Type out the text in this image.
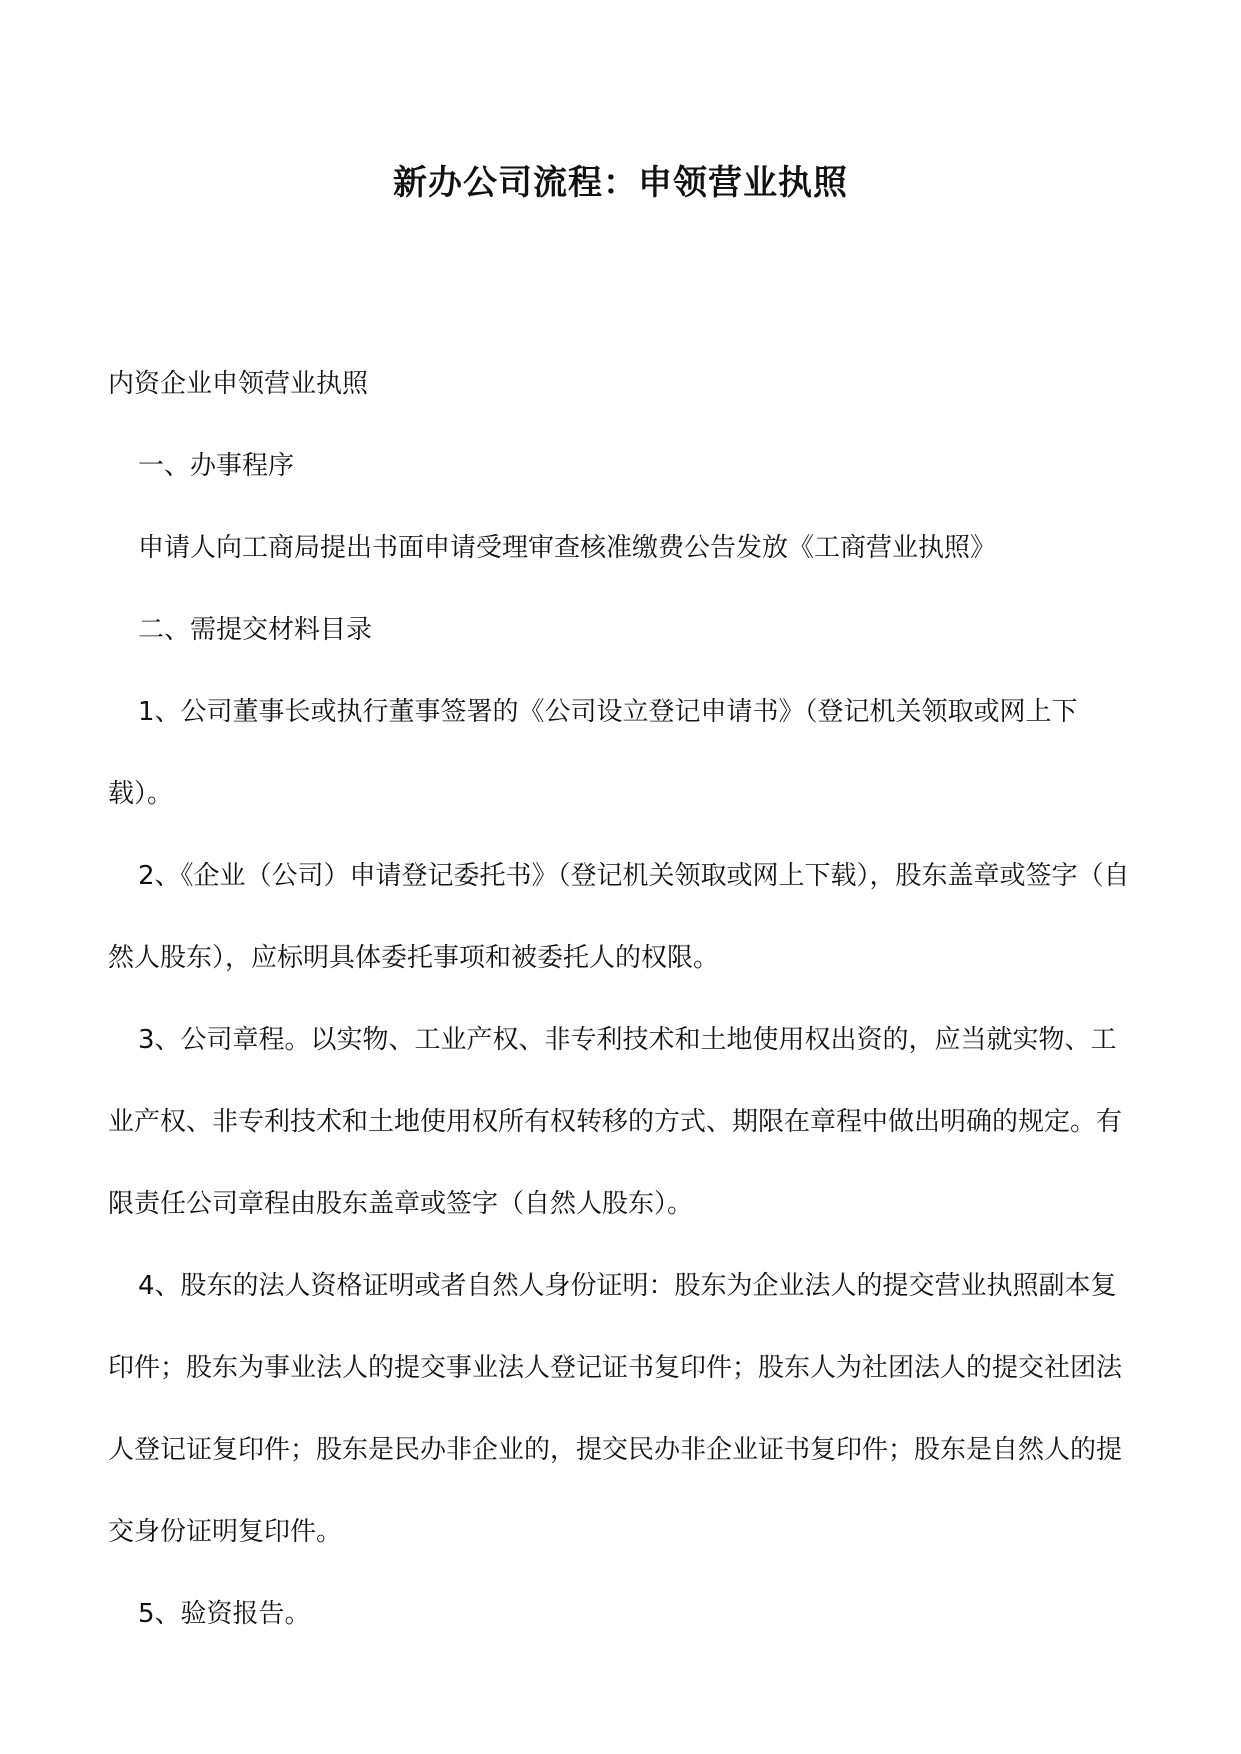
新办公司流程：申领营业执照

内资企业申领营业执照

一、办事程序

申请人向工商局提出书面申请受理审查核准缴费公告发放《工商营业执照》

二、需提交材料目录

1、公司董事长或执行董事签署的《公司设立登记申请书》（登记机关领取或网上下载）。

2、《企业（公司）申请登记委托书》（登记机关领取或网上下载），股东盖章或签字（自然人股东），应标明具体委托事项和被委托人的权限。

3、公司章程。以实物、工业产权、非专利技术和土地使用权出资的，应当就实物、工业产权、非专利技术和土地使用权所有权转移的方式、期限在章程中做出明确的规定。有限责任公司章程由股东盖章或签字（自然人股东）。

4、股东的法人资格证明或者自然人身份证明：股东为企业法人的提交营业执照副本复印件；股东为事业法人的提交事业法人登记证书复印件；股东人为社团法人的提交社团法人登记证复印件；股东是民办非企业的，提交民办非企业证书复印件；股东是自然人的提交身份证明复印件。

5、验资报告。
